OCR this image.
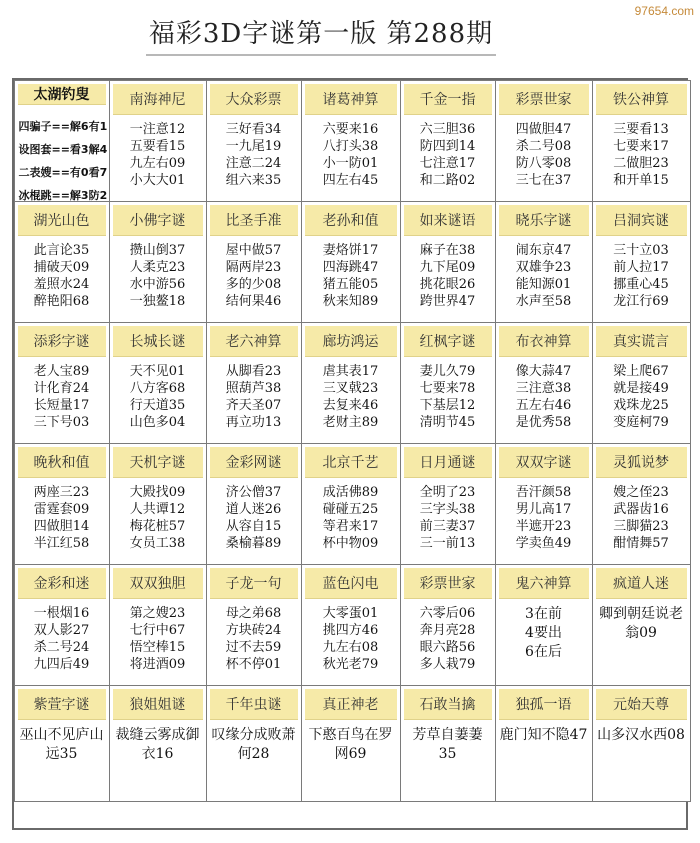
福彩3D字谜第一版 第288期
97654.com
太湖钓叟
四骗子==解6有1
设图套==看3解4
二表嫂==有0看7
冰棍跳==解3防2
南海神尼
一注意12
五要看15
九左右09
小大大01
大众彩票
三好看34
一九尾19
注意二24
组六来35
诸葛神算
六要来16
八打头38
小一防01
四左右45
千金一指
六三胆36
防四到14
七注意17
和二路02
彩票世家
四做胆47
杀二号08
防八零08
三七在37
铁公神算
三要看13
七要来17
二做胆23
和开单15
湖光山色
此言论35
捕破天09
羞照水24
醉艳阳68
小佛字谜
攒山倒37
人柔克23
水中游56
一独鳌18
比圣手准
屋中做57
隔两岸23
多的少08
结何果46
老孙和值
妻烙饼17
四海跳47
猪五能05
秋来知89
如来谜语
麻子在38
九下尾09
挑花眼26
跨世界47
晓乐字谜
闹东京47
双雄争23
能知源01
水声至58
吕洞宾谜
三十立03
前人拉17
挪重心45
龙江行69
添彩字谜
老人宝89
计化育24
长短量17
三下号03
长城长谜
天不见01
八方客68
行天道35
山色多04
老六神算
从脚看23
照葫芦38
齐天圣07
再立功13
廊坊鸿运
虐其表17
三叉戟23
去复来46
老财主89
红枫字谜
妻儿久79
七要来78
下基层12
清明节45
布衣神算
像大蒜47
三注意38
五左右46
是优秀58
真实谎言
梁上爬67
就是接49
戏珠龙25
变庭柯79
晚秋和值
两座三23
雷霆套09
四做胆14
半江红58
天机字谜
大殿找09
人共谭12
梅花桩57
女员工38
金彩网谜
济公僧37
道人迷26
从容自15
桑榆暮89
北京千艺
成活佛89
碰碰五25
等君来17
杯中物09
日月通谜
全明了23
三字头38
前三妻37
三一前13
双双字谜
吾汗颜58
男儿高17
半遮开23
学卖鱼49
灵狐说梦
嫂之侄23
武器齿16
三脚猫23
酣情舞57
金彩和迷
一根烟16
双人影27
杀二号24
九四后49
双双独胆
第之嫂23
七行中67
悟空棒15
将进酒09
子龙一句
母之弟68
方块砖24
过不去59
杯不停01
蓝色闪电
大零蛋01
挑四方46
九左右08
秋光老79
彩票世家
六零后06
奔月亮28
眼六路56
多人栽79
鬼六神算
3在前
4要出
6在后
疯道人迷
卿到朝廷说老翁09
紫萱字谜
巫山不见庐山远35
狼姐姐谜
裁缝云雾成御衣16
千年虫谜
叹缘分成败萧何28
真正神老
下憨百鸟在罗网69
石敢当擒
芳草自萋萋35
独孤一语
鹿门知不隐47
元始天尊
山多汉水西08
